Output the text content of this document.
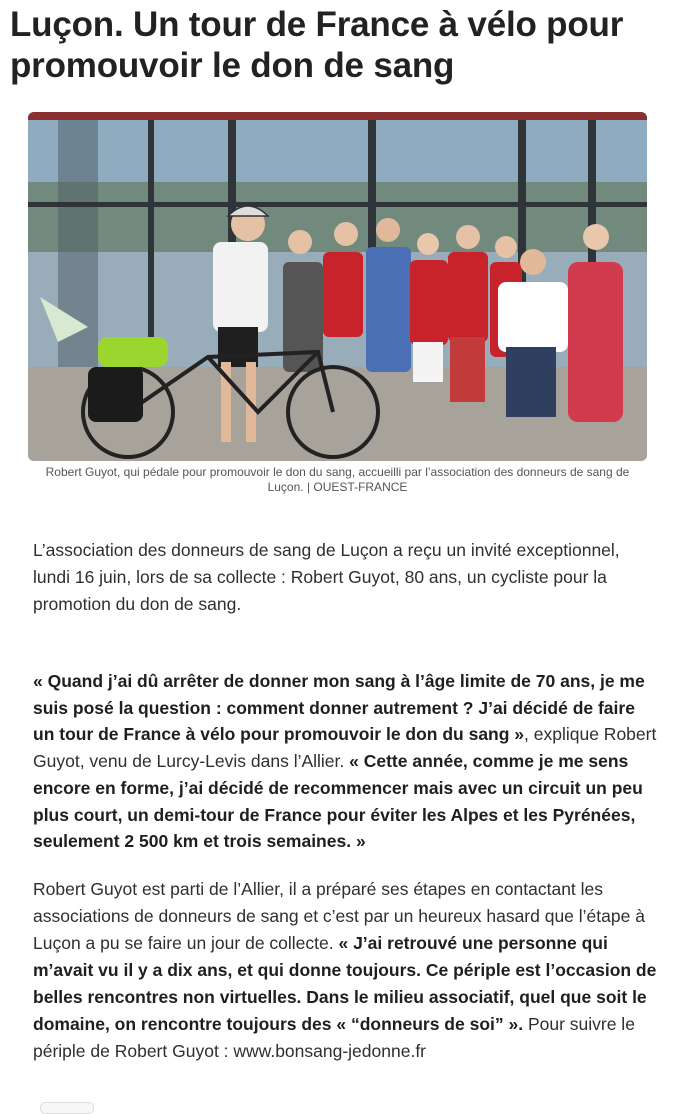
Luçon. Un tour de France à vélo pour promouvoir le don de sang
Robert Guyot, qui pédale pour promouvoir le don du sang, accueilli par l’association des donneurs de sang de Luçon. | OUEST-FRANCE

L’association des donneurs de sang de Luçon a reçu un invité exceptionnel, lundi 16 juin, lors de sa collecte : Robert Guyot, 80 ans, un cycliste pour la promotion du don de sang.

« Quand j’ai dû arrêter de donner mon sang à l’âge limite de 70 ans, je me suis posé la question : comment donner autrement ? J’ai décidé de faire un tour de France à vélo pour promouvoir le don du sang », explique Robert Guyot, venu de Lurcy-Levis dans l’Allier. « Cette année, comme je me sens encore en forme, j’ai décidé de recommencer mais avec un circuit un peu plus court, un demi-tour de France pour éviter les Alpes et les Pyrénées, seulement 2 500 km et trois semaines. »

Robert Guyot est parti de l’Allier, il a préparé ses étapes en contactant les associations de donneurs de sang et c’est par un heureux hasard que l’étape à Luçon a pu se faire un jour de collecte. « J’ai retrouvé une personne qui m’avait vu il y a dix ans, et qui donne toujours. Ce périple est l’occasion de belles rencontres non virtuelles. Dans le milieu associatif, quel que soit le domaine, on rencontre toujours des « “donneurs de soi” ». Pour suivre le périple de Robert Guyot : www.bonsang-jedonne.fr
